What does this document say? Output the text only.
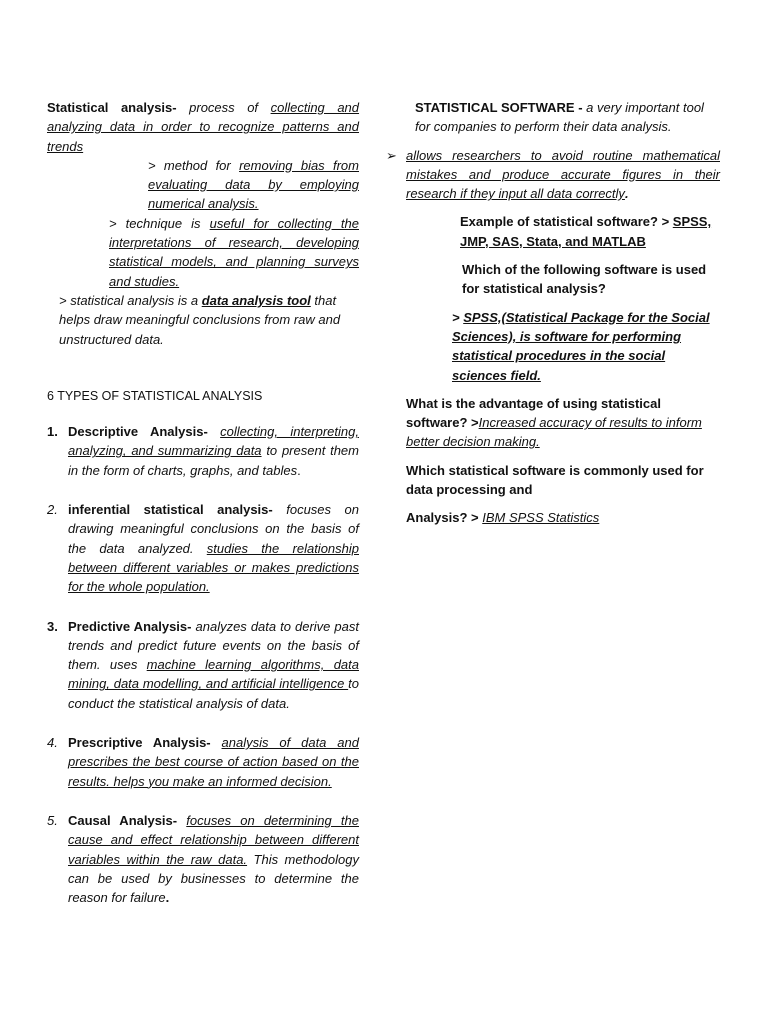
Statistical analysis- process of collecting and analyzing data in order to recognize patterns and trends

> method for removing bias from evaluating data by employing numerical analysis.

> technique is useful for collecting the interpretations of research, developing statistical models, and planning surveys and studies.

> statistical analysis is a data analysis tool that helps draw meaningful conclusions from raw and unstructured data.

6 TYPES OF STATISTICAL ANALYSIS

1. Descriptive Analysis- collecting, interpreting, analyzing, and summarizing data to present them in the form of charts, graphs, and tables.
2. inferential statistical analysis- focuses on drawing meaningful conclusions on the basis of the data analyzed. studies the relationship between different variables or makes predictions for the whole population.
3. Predictive Analysis- analyzes data to derive past trends and predict future events on the basis of them. uses machine learning algorithms, data mining, data modelling, and artificial intelligence to conduct the statistical analysis of data.
4. Prescriptive Analysis- analysis of data and prescribes the best course of action based on the results. helps you make an informed decision.
5. Causal Analysis- focuses on determining the cause and effect relationship between different variables within the raw data. This methodology can be used by businesses to determine the reason for failure.

STATISTICAL SOFTWARE - a very important tool for companies to perform their data analysis.

➢ allows researchers to avoid routine mathematical mistakes and produce accurate figures in their research if they input all data correctly.

Example of statistical software? > SPSS, JMP, SAS, Stata, and MATLAB

Which of the following software is used for statistical analysis?

> SPSS,(Statistical Package for the Social Sciences), is software for performing statistical procedures in the social sciences field.

What is the advantage of using statistical software? >Increased accuracy of results to inform better decision making.

Which statistical software is commonly used for data processing and

Analysis? > IBM SPSS Statistics
